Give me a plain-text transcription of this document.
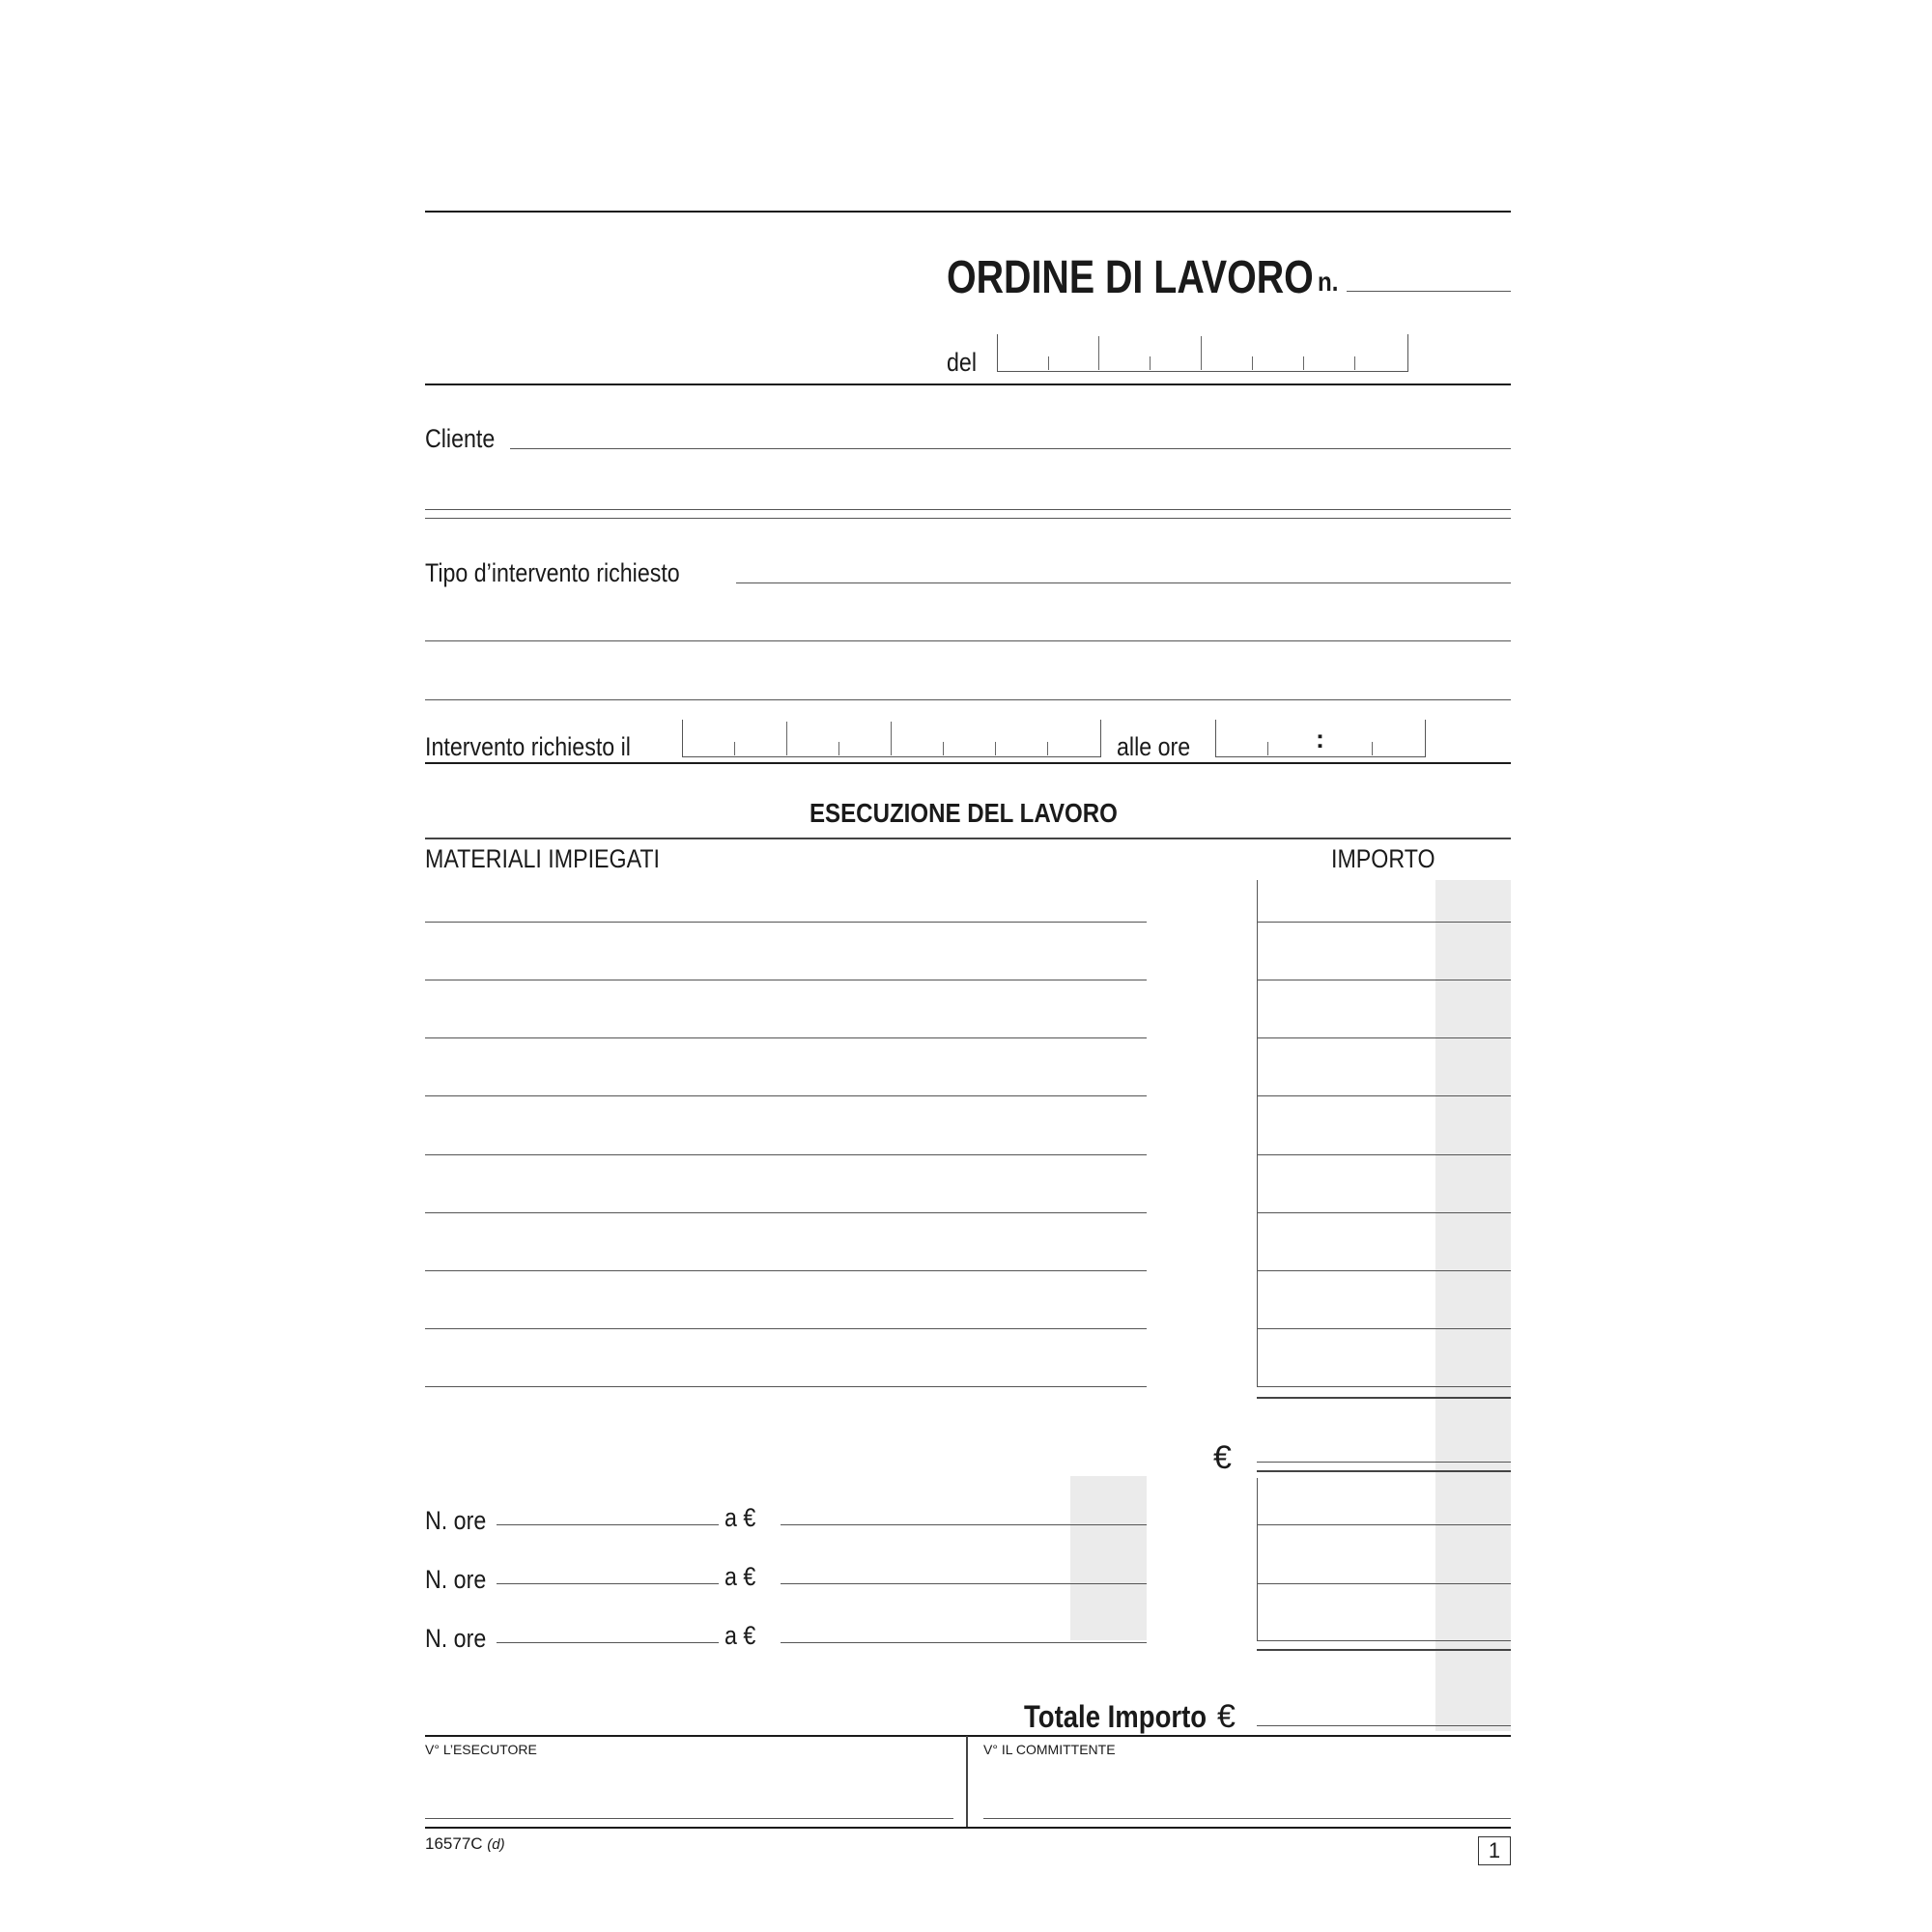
ORDINE DI LAVORO n.
del
Cliente
Tipo d’intervento richiesto
Intervento richiesto il	alle ore	:
ESECUZIONE DEL LAVORO
MATERIALI IMPIEGATI	IMPORTO
€
N. ore	a €
N. ore	a €
N. ore	a €
Totale Importo €
V° L’ESECUTORE	V° IL COMMITTENTE
16577C (d)	1
